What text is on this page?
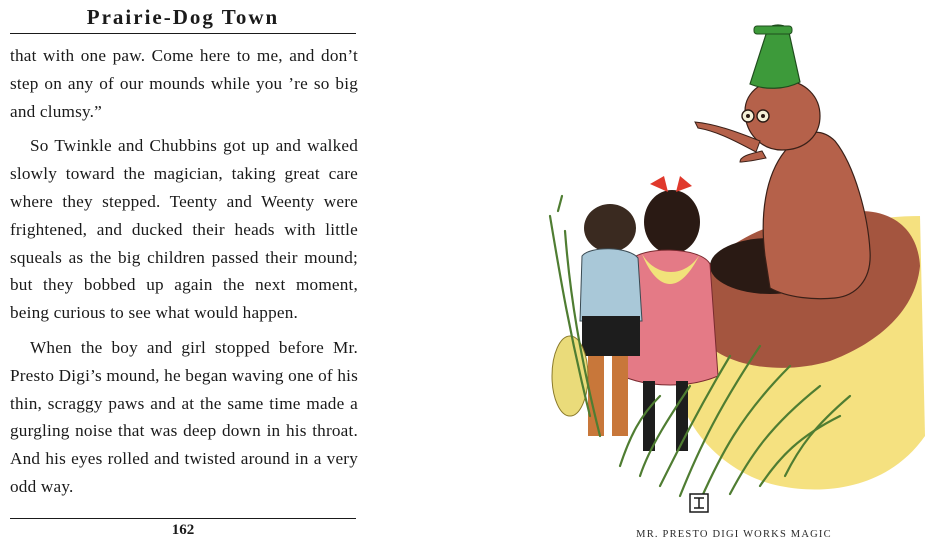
Prairie-Dog Town

that with one paw. Come here to me, and don’t step on any of our mounds while you ’re so big and clumsy.”

So Twinkle and Chubbins got up and walked slowly toward the magician, taking great care where they stepped. Teenty and Weenty were frightened, and ducked their heads with little squeals as the big children passed their mound; but they bobbed up again the next moment, being curious to see what would happen.

When the boy and girl stopped before Mr. Presto Digi’s mound, he began waving one of his thin, scraggy paws and at the same time made a gurgling noise that was deep down in his throat. And his eyes rolled and twisted around in a very odd way.

162	MR. PRESTO DIGI WORKS MAGIC
